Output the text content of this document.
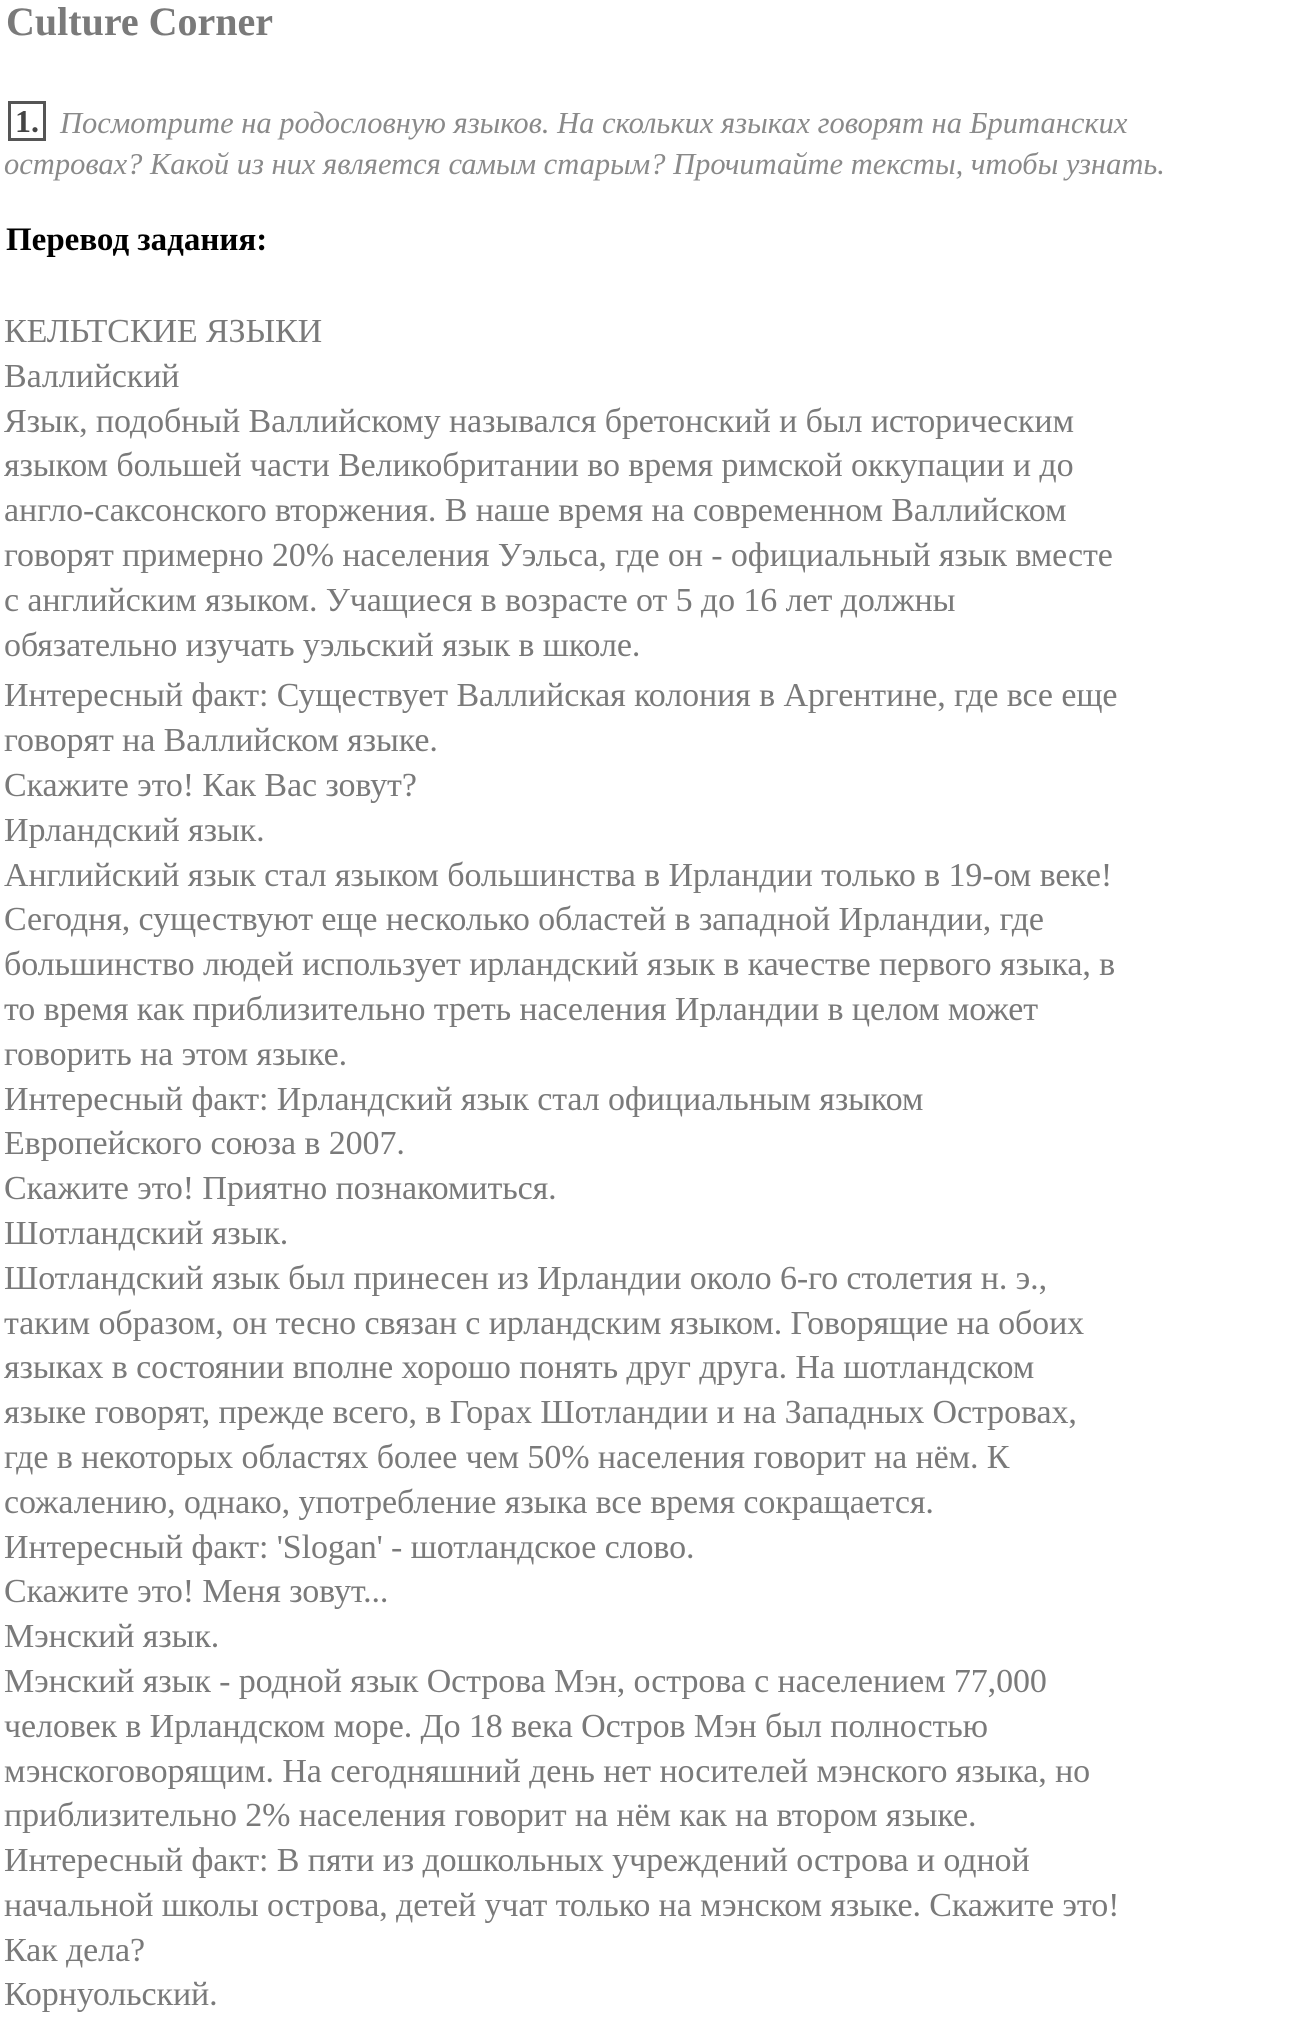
Culture Corner

1. Посмотрите на родословную языков. На скольких языках говорят на Британских
островах? Какой из них является самым старым? Прочитайте тексты, чтобы узнать.

Перевод задания:
КЕЛЬТСКИЕ ЯЗЫКИ
Валлийский
Язык, подобный Валлийскому назывался бретонский и был историческим
языком большей части Великобритании во время римской оккупации и до
англо-саксонского вторжения. В наше время на современном Валлийском
говорят примерно 20% населения Уэльса, где он - официальный язык вместе
с английским языком. Учащиеся в возрасте от 5 до 16 лет должны
обязательно изучать уэльский язык в школе.
Интересный факт: Существует Валлийская колония в Аргентине, где все еще
говорят на Валлийском языке.
Скажите это! Как Вас зовут?
Ирландский язык.
Английский язык стал языком большинства в Ирландии только в 19-ом веке!
Сегодня, существуют еще несколько областей в западной Ирландии, где
большинство людей использует ирландский язык в качестве первого языка, в
то время как приблизительно треть населения Ирландии в целом может
говорить на этом языке.
Интересный факт: Ирландский язык стал официальным языком
Европейского союза в 2007.
Скажите это! Приятно познакомиться.
Шотландский язык.
Шотландский язык был принесен из Ирландии около 6-го столетия н. э.,
таким образом, он тесно связан с ирландским языком. Говорящие на обоих
языках в состоянии вполне хорошо понять друг друга. На шотландском
языке говорят, прежде всего, в Горах Шотландии и на Западных Островах,
где в некоторых областях более чем 50% населения говорит на нём. К
сожалению, однако, употребление языка все время сокращается.
Интересный факт: 'Slogan' - шотландское слово.
Скажите это! Меня зовут...
Мэнский язык.
Мэнский язык - родной язык Острова Мэн, острова с населением 77,000
человек в Ирландском море. До 18 века Остров Мэн был полностью
мэнскоговорящим. На сегодняшний день нет носителей мэнского языка, но
приблизительно 2% населения говорит на нём как на втором языке.
Интересный факт: В пяти из дошкольных учреждений острова и одной
начальной школы острова, детей учат только на мэнском языке. Скажите это!
Как дела?
Корнуольский.
